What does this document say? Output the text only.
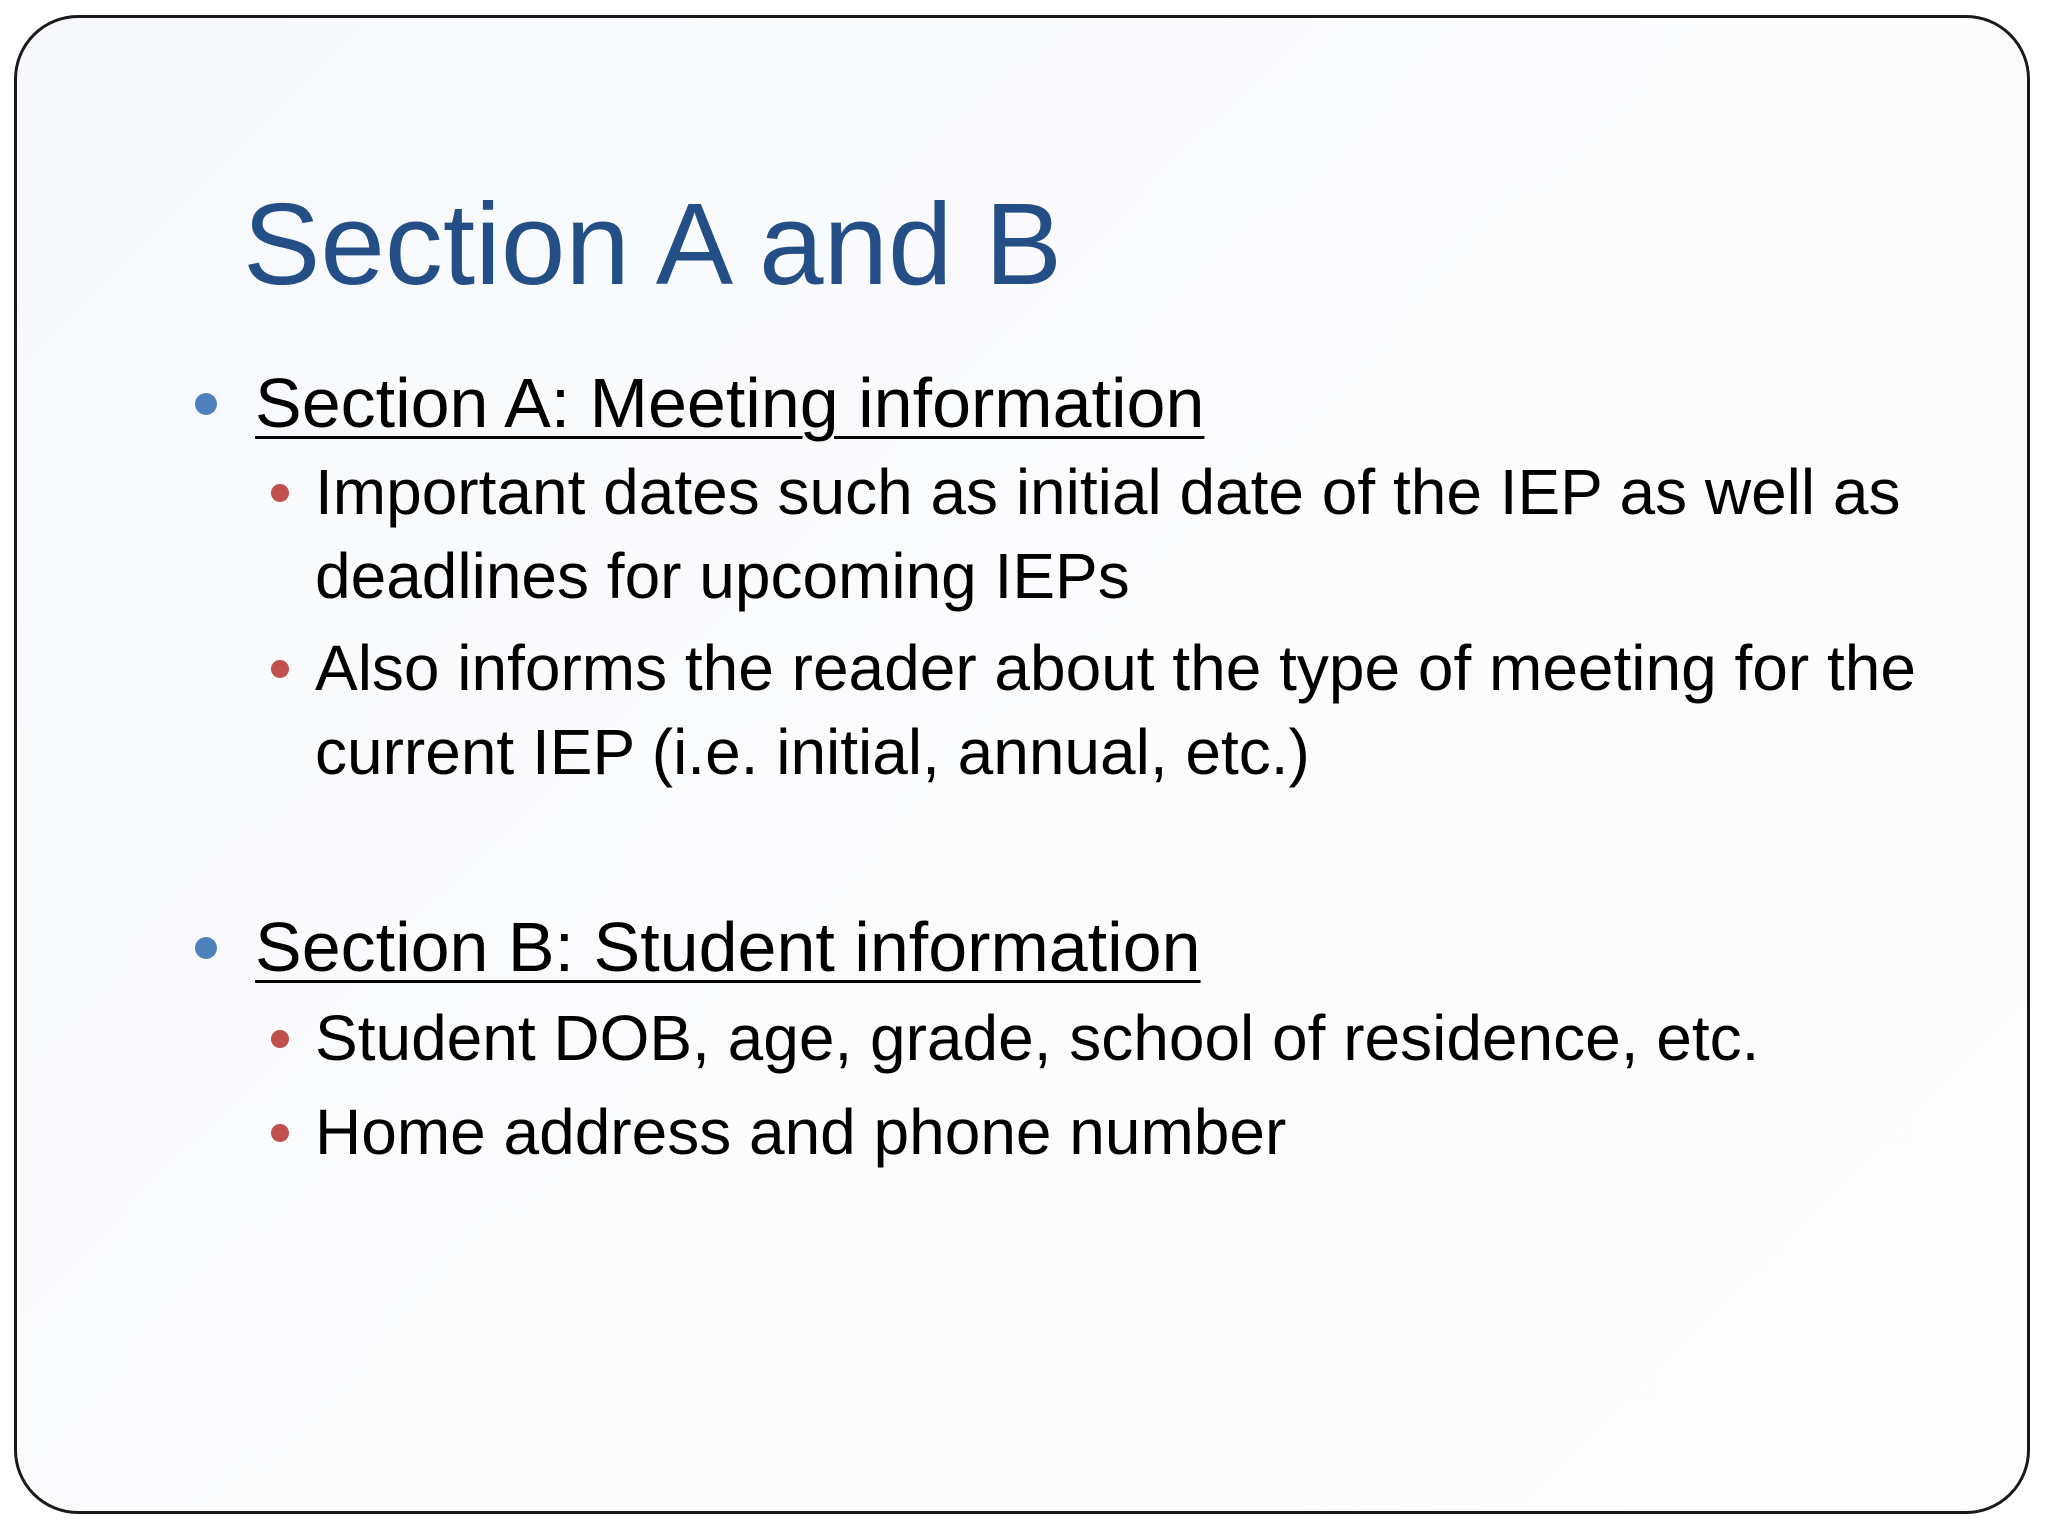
Section A and B
Section A: Meeting information
Important dates such as initial date of the IEP as well as deadlines for upcoming IEPs
Also informs the reader about the type of meeting for the current IEP (i.e. initial, annual, etc.)
Section B: Student information
Student DOB, age, grade, school of residence, etc.
Home address and phone number
